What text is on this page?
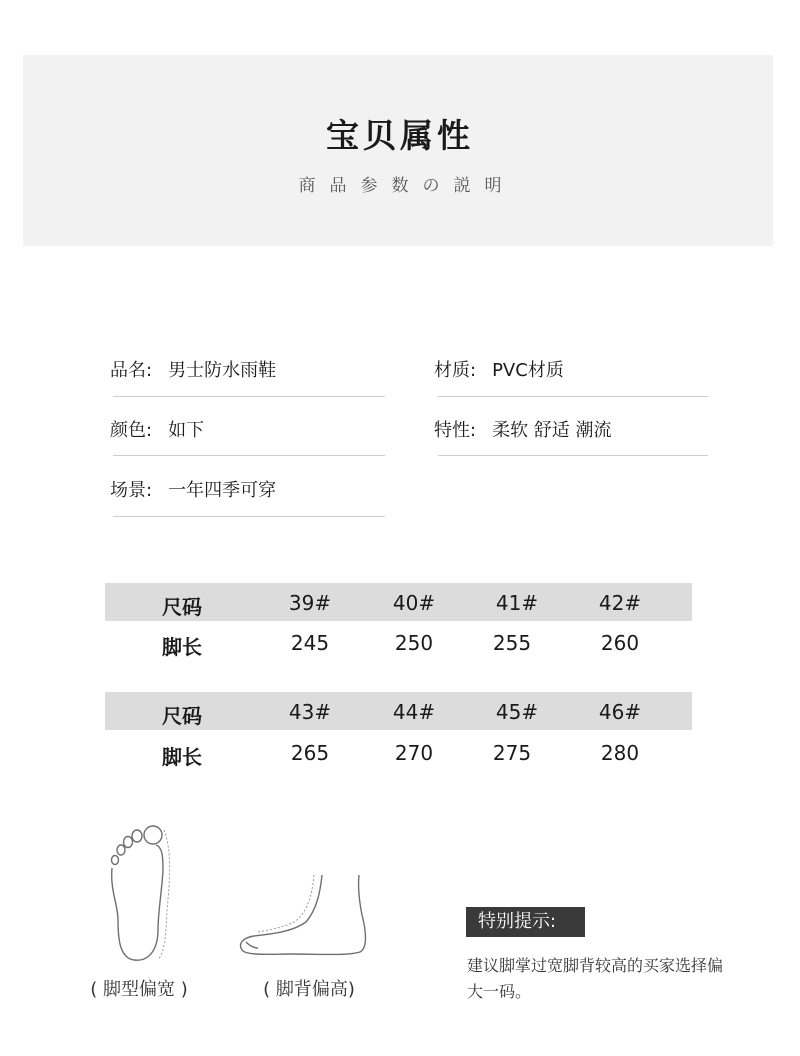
宝贝属性
商品参数の説明
品名: 男士防水雨鞋	材质: PVC材质
颜色: 如下	特性: 柔软 舒适 潮流
场景: 一年四季可穿
尺码	39#	40#	41#	42#
脚长	245	250	255	260
尺码	43#	44#	45#	46#
脚长	265	270	275	280
( 脚型偏宽 )	( 脚背偏高)
特别提示:
建议脚掌过宽脚背较高的买家选择偏大一码。
